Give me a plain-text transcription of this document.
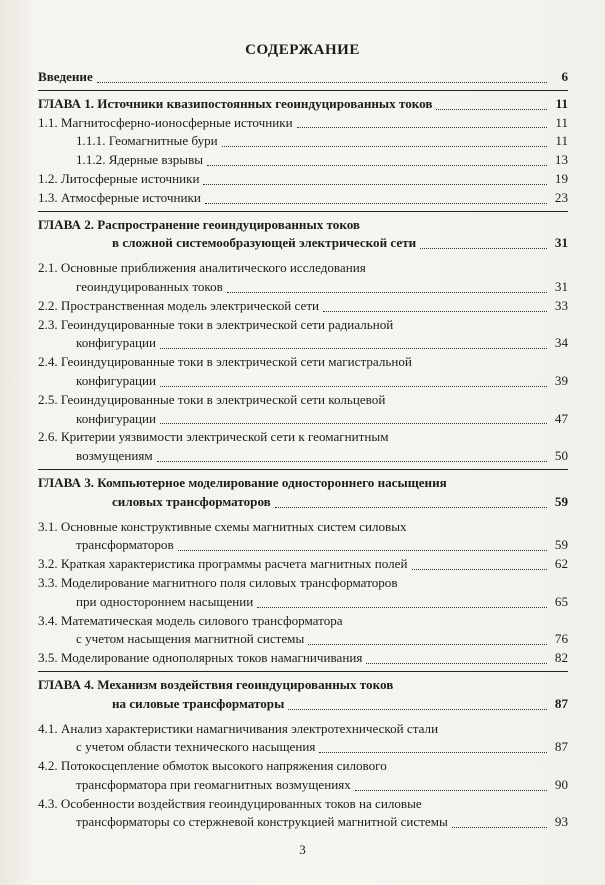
СОДЕРЖАНИЕ
Введение	6
ГЛАВА 1. Источники квазипостоянных геоиндуцированных токов	11
1.1. Магнитосферно-ионосферные источники	11
1.1.1. Геомагнитные бури	11
1.1.2. Ядерные взрывы	13
1.2. Литосферные источники	19
1.3. Атмосферные источники	23
ГЛАВА 2. Распространение геоиндуцированных токов
в сложной системообразующей электрической сети	31
2.1. Основные приближения аналитического исследования
геоиндуцированных токов	31
2.2. Пространственная модель электрической сети	33
2.3. Геоиндуцированные токи в электрической сети радиальной
конфигурации	34
2.4. Геоиндуцированные токи в электрической сети магистральной
конфигурации	39
2.5. Геоиндуцированные токи в электрической сети кольцевой
конфигурации	47
2.6. Критерии уязвимости электрической сети к геомагнитным
возмущениям	50
ГЛАВА 3. Компьютерное моделирование одностороннего насыщения
силовых трансформаторов	59
3.1. Основные конструктивные схемы магнитных систем силовых
трансформаторов	59
3.2. Краткая характеристика программы расчета магнитных полей	62
3.3. Моделирование магнитного поля силовых трансформаторов
при одностороннем насыщении	65
3.4. Математическая модель силового трансформатора
с учетом насыщения магнитной системы	76
3.5. Моделирование однополярных токов намагничивания	82
ГЛАВА 4. Механизм воздействия геоиндуцированных токов
на силовые трансформаторы	87
4.1. Анализ характеристики намагничивания электротехнической стали
с учетом области технического насыщения	87
4.2. Потокосцепление обмоток высокого напряжения силового
трансформатора при геомагнитных возмущениях	90
4.3. Особенности воздействия геоиндуцированных токов на силовые
трансформаторы со стержневой конструкцией магнитной системы	93
3
